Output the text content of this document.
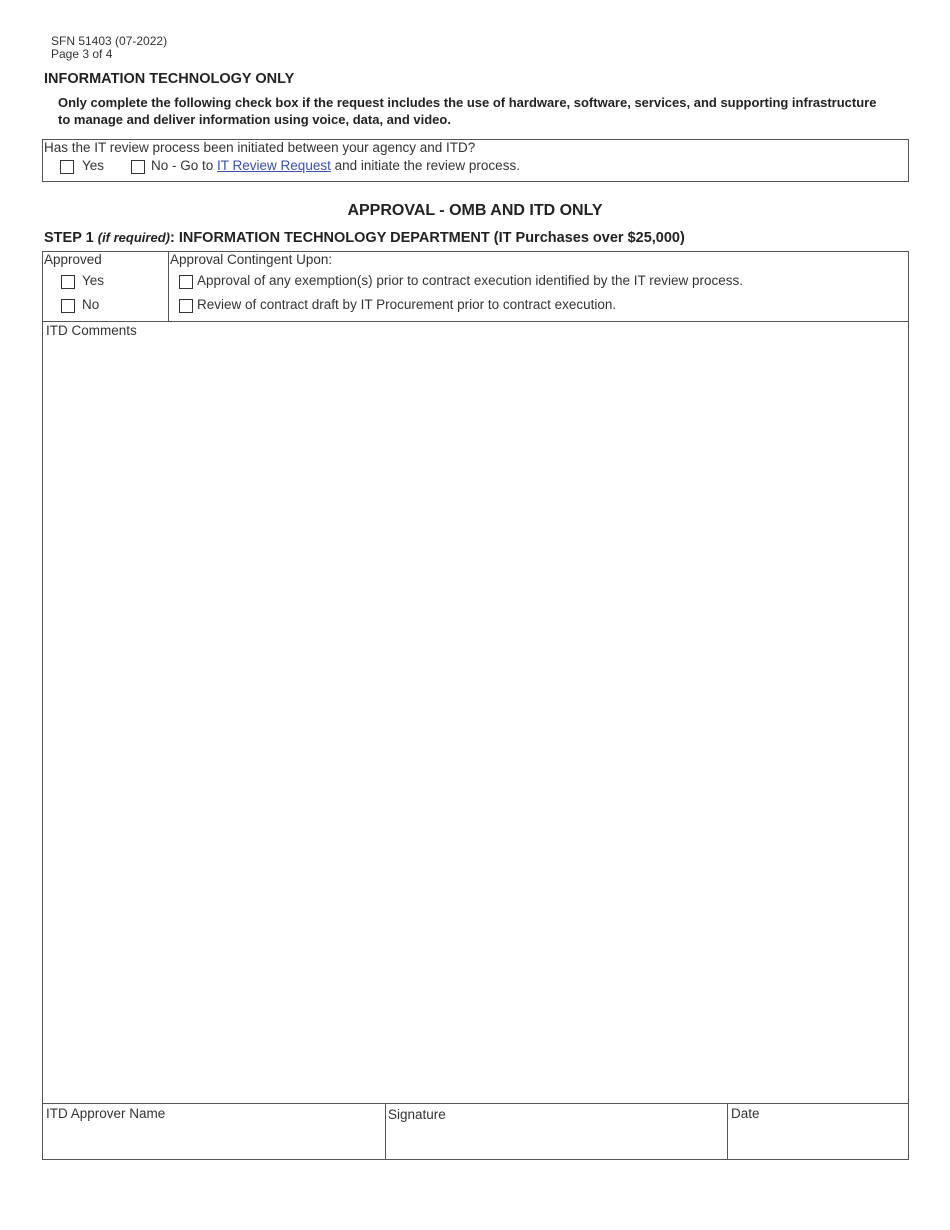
SFN 51403 (07-2022)
Page 3 of 4
INFORMATION TECHNOLOGY ONLY
Only complete the following check box if the request includes the use of hardware, software, services, and supporting infrastructure to manage and deliver information using voice, data, and video.
Has the IT review process been initiated between your agency and ITD?
Yes	No - Go to IT Review Request and initiate the review process.
APPROVAL - OMB AND ITD ONLY
STEP 1 (if required): INFORMATION TECHNOLOGY DEPARTMENT (IT Purchases over $25,000)
Approved
Yes
No
Approval Contingent Upon:
Approval of any exemption(s) prior to contract execution identified by the IT review process.
Review of contract draft by IT Procurement prior to contract execution.
ITD Comments
ITD Approver Name	Signature	Date
